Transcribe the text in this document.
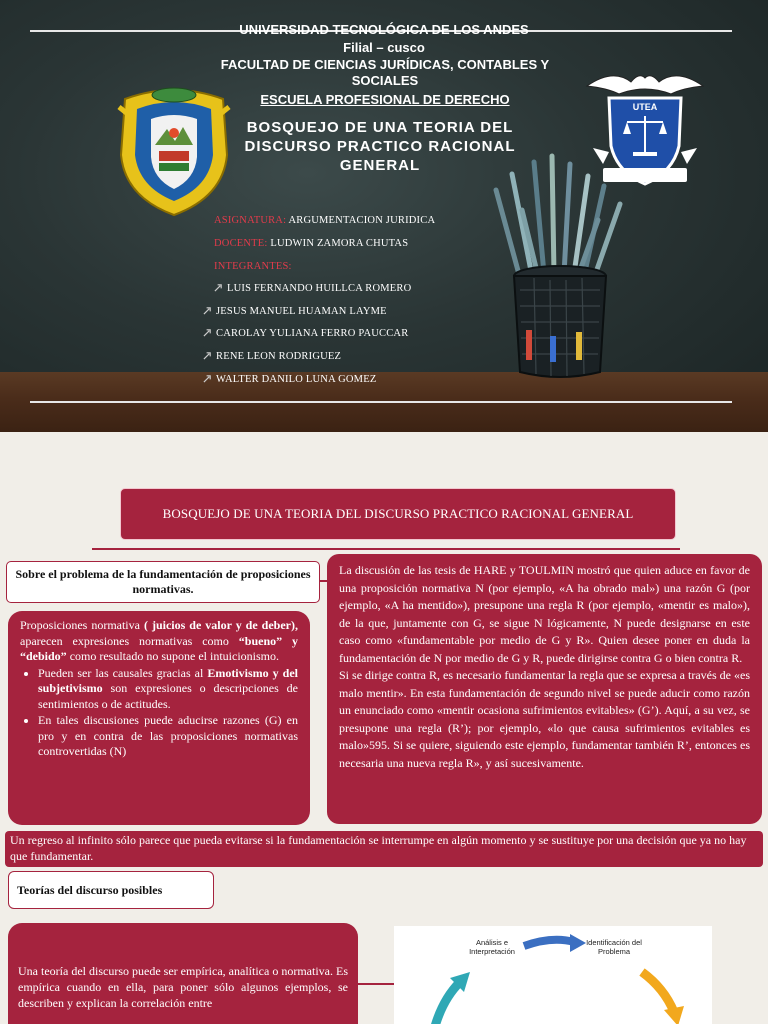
UNIVERSIDAD TECNOLÓGICA DE LOS ANDES
Filial – cusco
FACULTAD DE CIENCIAS JURÍDICAS, CONTABLES Y SOCIALES
ESCUELA PROFESIONAL DE DERECHO
BOSQUEJO DE UNA TEORIA DEL DISCURSO PRACTICO RACIONAL GENERAL
UTEA
ASIGNATURA: ARGUMENTACION JURIDICA
DOCENTE: LUDWIN ZAMORA CHUTAS
INTEGRANTES:
LUIS FERNANDO HUILLCA ROMERO
JESUS MANUEL HUAMAN LAYME
CAROLAY YULIANA FERRO PAUCCAR
RENE LEON RODRIGUEZ
WALTER DANILO LUNA GOMEZ
BOSQUEJO DE UNA TEORIA DEL DISCURSO PRACTICO RACIONAL GENERAL
Sobre el problema de la fundamentación de proposiciones normativas.

Proposiciones normativa ( juicios de valor y de deber), aparecen expresiones normativas como “bueno” y “debido” como resultado no supone el intuicionismo.

• Pueden ser las causales gracias al Emotivismo y del subjetivismo son expresiones o descripciones de sentimientos o de actitudes.
• En tales discusiones puede aducirse razones (G) en pro y en contra de las proposiciones normativas controvertidas (N)

La discusión de las tesis de HARE y TOULMIN mostró que quien aduce en favor de una proposición normativa N (por ejemplo, «A ha obrado mal») una razón G (por ejemplo, «A ha mentido»), presupone una regla R (por ejemplo, «mentir es malo»), de la que, juntamente con G, se sigue N lógicamente, N puede designarse en este caso como «fundamentable por medio de G y R». Quien desee poner en duda la fundamentación de N por medio de G y R, puede dirigirse contra G o bien contra R.

Si se dirige contra R, es necesario fundamentar la regla que se expresa a través de «es malo mentir». En esta fundamentación de segundo nivel se puede aducir como razón un enunciado como «mentir ocasiona sufrimientos evitables» (G’). Aquí, a su vez, se presupone una regla (R’); por ejemplo, «lo que causa sufrimientos evitables es malo»595. Si se quiere, siguiendo este ejemplo, fundamentar también R’, entonces es necesaria una nueva regla R», y así sucesivamente.

Un regreso al infinito sólo parece que pueda evitarse si la fundamentación se interrumpe en algún momento y se sustituye por una decisión que ya no hay que fundamentar.
Teorías del discurso posibles
Una teoría del discurso puede ser empírica, analítica o normativa. Es empírica cuando en ella, para poner sólo algunos ejemplos, se describen y explican la correlación entre
Análisis e Interpretación
Identificación del Problema
